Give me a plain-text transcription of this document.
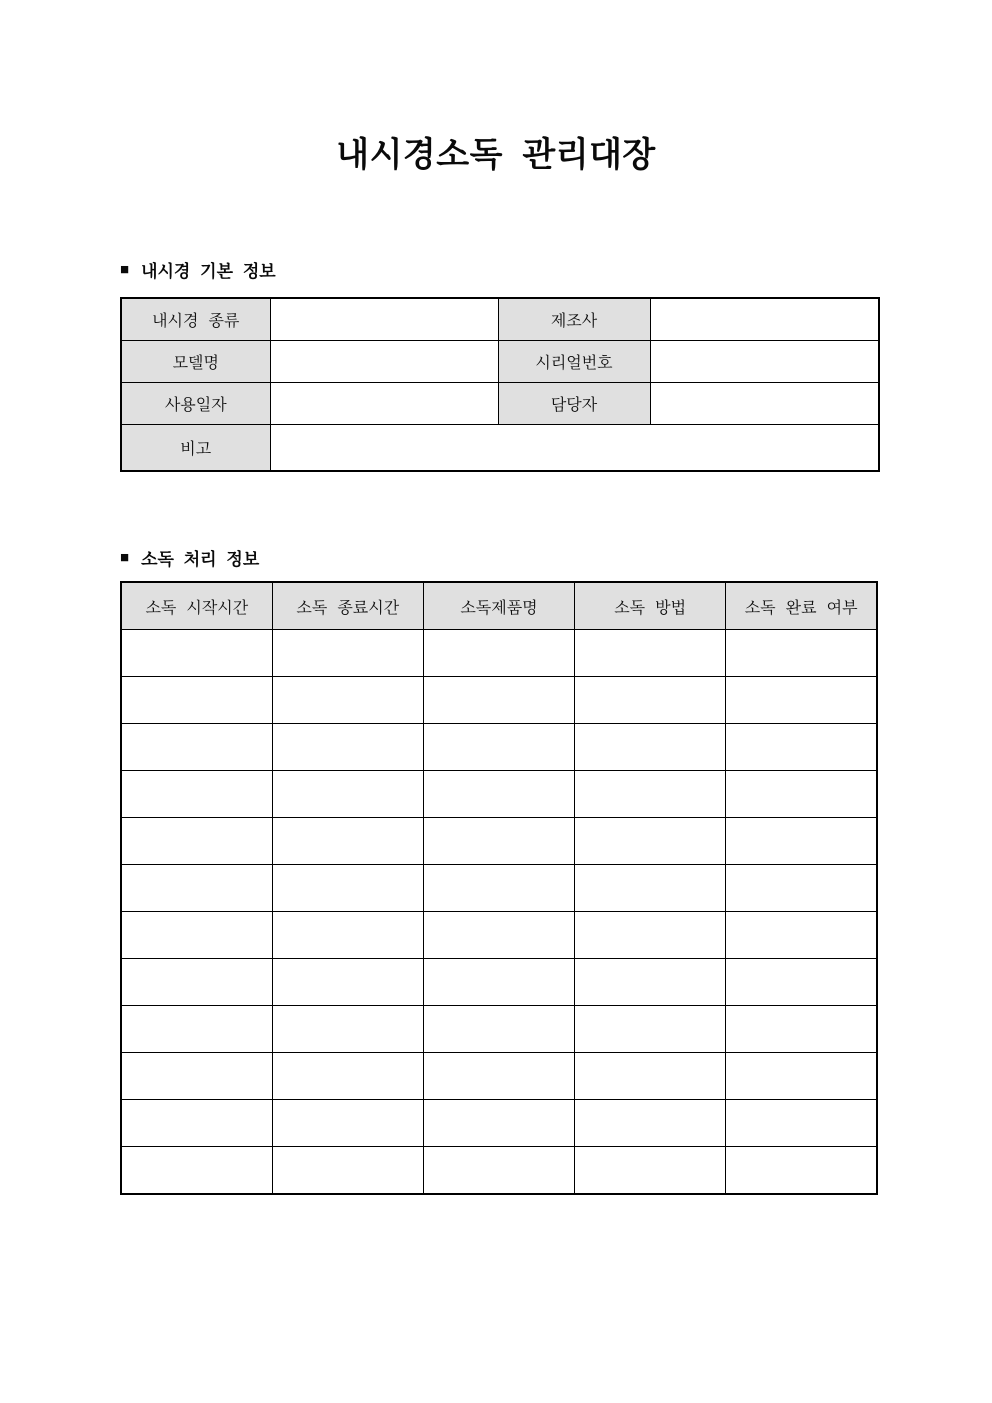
내시경소독 관리대장
■ 내시경 기본 정보
내시경 종류		제조사	
모델명		시리얼번호	
사용일자		담당자	
비고			
■ 소독 처리 정보
소독 시작시간	소독 종료시간	소독제품명	소독 방법	소독 완료 여부
